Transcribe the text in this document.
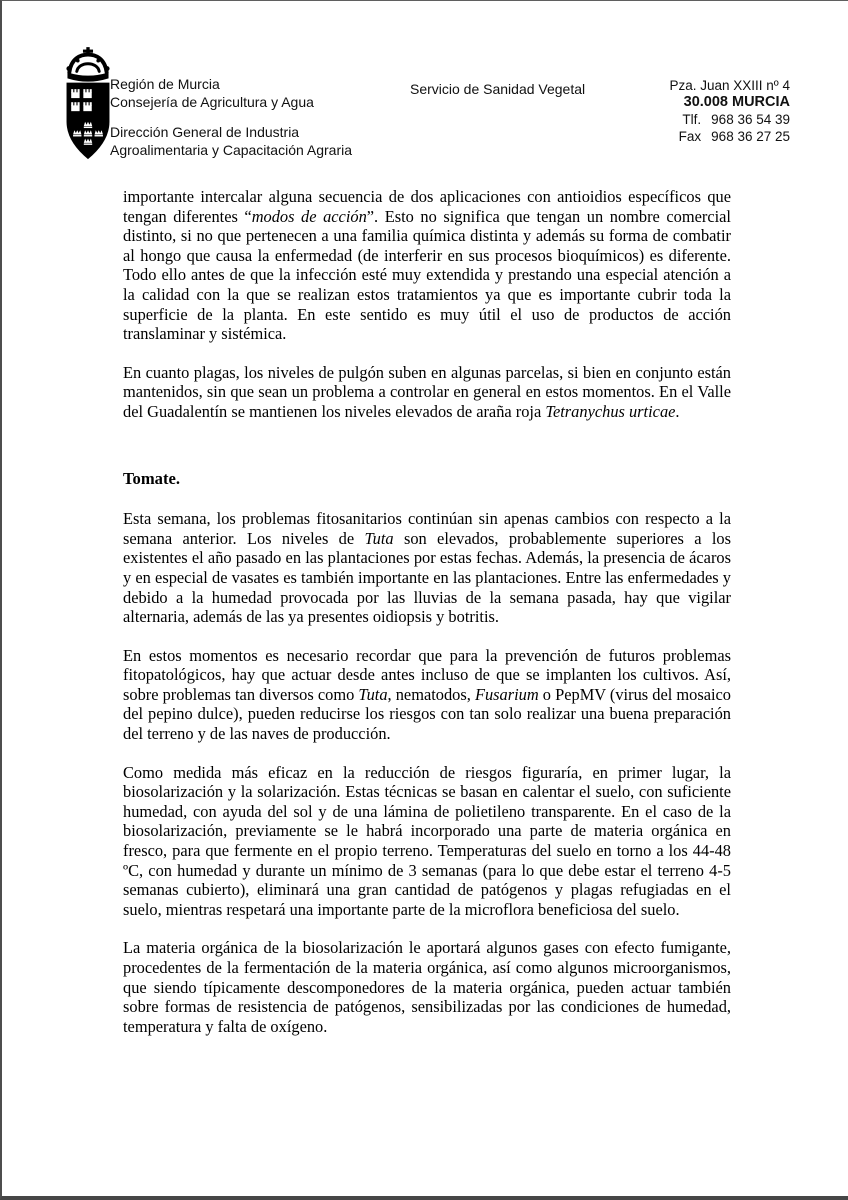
Región de Murcia
Consejería de Agricultura y Agua
Dirección General de Industria
Agroalimentaria y Capacitación Agraria
Servicio de Sanidad Vegetal	Pza. Juan XXIII nº 4
30.008 MURCIA
Tlf. 968 36 54 39
Fax 968 36 27 25

importante intercalar alguna secuencia de dos aplicaciones con antioidios específicos que tengan diferentes “modos de acción”. Esto no significa que tengan un nombre comercial distinto, si no que pertenecen a una familia química distinta y además su forma de combatir al hongo que causa la enfermedad (de interferir en sus procesos bioquímicos) es diferente. Todo ello antes de que la infección esté muy extendida y prestando una especial atención a la calidad con la que se realizan estos tratamientos ya que es importante cubrir toda la superficie de la planta. En este sentido es muy útil el uso de productos de acción translaminar y sistémica.

En cuanto plagas, los niveles de pulgón suben en algunas parcelas, si bien en conjunto están mantenidos, sin que sean un problema a controlar en general en estos momentos. En el Valle del Guadalentín se mantienen los niveles elevados de araña roja Tetranychus urticae.

Tomate.

Esta semana, los problemas fitosanitarios continúan sin apenas cambios con respecto a la semana anterior. Los niveles de Tuta son elevados, probablemente superiores a los existentes el año pasado en las plantaciones por estas fechas. Además, la presencia de ácaros y en especial de vasates es también importante en las plantaciones. Entre las enfermedades y debido a la humedad provocada por las lluvias de la semana pasada, hay que vigilar alternaria, además de las ya presentes oidiopsis y botritis.

En estos momentos es necesario recordar que para la prevención de futuros problemas fitopatológicos, hay que actuar desde antes incluso de que se implanten los cultivos. Así, sobre problemas tan diversos como Tuta, nematodos, Fusarium o PepMV (virus del mosaico del pepino dulce), pueden reducirse los riesgos con tan solo realizar una buena preparación del terreno y de las naves de producción.

Como medida más eficaz en la reducción de riesgos figuraría, en primer lugar, la biosolarización y la solarización. Estas técnicas se basan en calentar el suelo, con suficiente humedad, con ayuda del sol y de una lámina de polietileno transparente. En el caso de la biosolarización, previamente se le habrá incorporado una parte de materia orgánica en fresco, para que fermente en el propio terreno. Temperaturas del suelo en torno a los 44-48 ºC, con humedad y durante un mínimo de 3 semanas (para lo que debe estar el terreno 4-5 semanas cubierto), eliminará una gran cantidad de patógenos y plagas refugiadas en el suelo, mientras respetará una importante parte de la microflora beneficiosa del suelo.

La materia orgánica de la biosolarización le aportará algunos gases con efecto fumigante, procedentes de la fermentación de la materia orgánica, así como algunos microorganismos, que siendo típicamente descomponedores de la materia orgánica, pueden actuar también sobre formas de resistencia de patógenos, sensibilizadas por las condiciones de humedad, temperatura y falta de oxígeno.
